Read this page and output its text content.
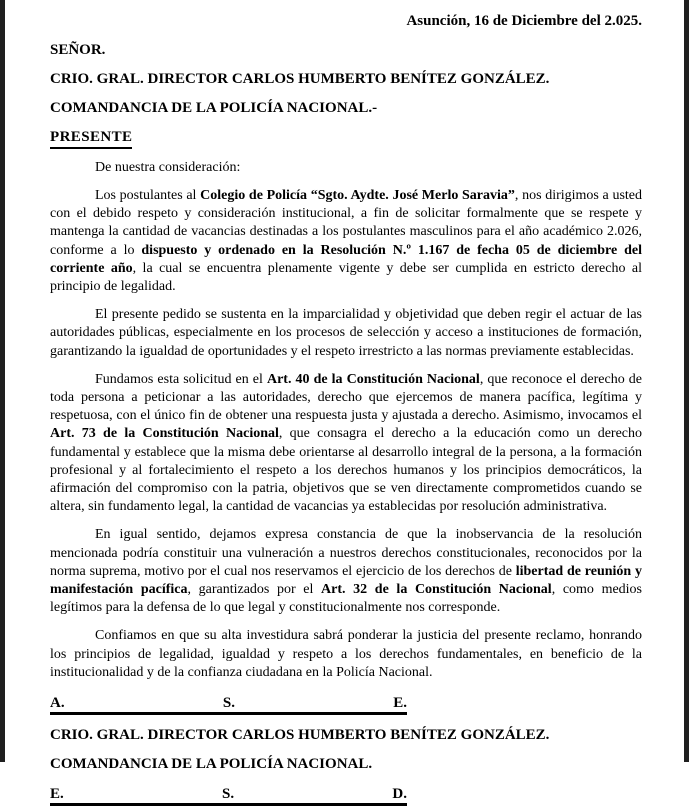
Asunción, 16 de Diciembre del 2.025.
SEÑOR.
CRIO. GRAL. DIRECTOR CARLOS HUMBERTO BENÍTEZ GONZÁLEZ.
COMANDANCIA DE LA POLICÍA NACIONAL.-
PRESENTE
De nuestra consideración:

Los postulantes al Colegio de Policía “Sgto. Aydte. José Merlo Saravia”, nos dirigimos a usted con el debido respeto y consideración institucional, a fin de solicitar formalmente que se respete y mantenga la cantidad de vacancias destinadas a los postulantes masculinos para el año académico 2.026, conforme a lo dispuesto y ordenado en la Resolución N.º 1.167 de fecha 05 de diciembre del corriente año, la cual se encuentra plenamente vigente y debe ser cumplida en estricto derecho al principio de legalidad.

El presente pedido se sustenta en la imparcialidad y objetividad que deben regir el actuar de las autoridades públicas, especialmente en los procesos de selección y acceso a instituciones de formación, garantizando la igualdad de oportunidades y el respeto irrestricto a las normas previamente establecidas.

Fundamos esta solicitud en el Art. 40 de la Constitución Nacional, que reconoce el derecho de toda persona a peticionar a las autoridades, derecho que ejercemos de manera pacífica, legítima y respetuosa, con el único fin de obtener una respuesta justa y ajustada a derecho. Asimismo, invocamos el Art. 73 de la Constitución Nacional, que consagra el derecho a la educación como un derecho fundamental y establece que la misma debe orientarse al desarrollo integral de la persona, a la formación profesional y al fortalecimiento el respeto a los derechos humanos y los principios democráticos, la afirmación del compromiso con la patria, objetivos que se ven directamente comprometidos cuando se altera, sin fundamento legal, la cantidad de vacancias ya establecidas por resolución administrativa.

En igual sentido, dejamos expresa constancia de que la inobservancia de la resolución mencionada podría constituir una vulneración a nuestros derechos constitucionales, reconocidos por la norma suprema, motivo por el cual nos reservamos el ejercicio de los derechos de libertad de reunión y manifestación pacífica, garantizados por el Art. 32 de la Constitución Nacional, como medios legítimos para la defensa de lo que legal y constitucionalmente nos corresponde.

Confiamos en que su alta investidura sabrá ponderar la justicia del presente reclamo, honrando los principios de legalidad, igualdad y respeto a los derechos fundamentales, en beneficio de la institucionalidad y de la confianza ciudadana en la Policía Nacional.

A.	S.	E.
CRIO. GRAL. DIRECTOR CARLOS HUMBERTO BENÍTEZ GONZÁLEZ.
COMANDANCIA DE LA POLICÍA NACIONAL.
E.	S.	D.
